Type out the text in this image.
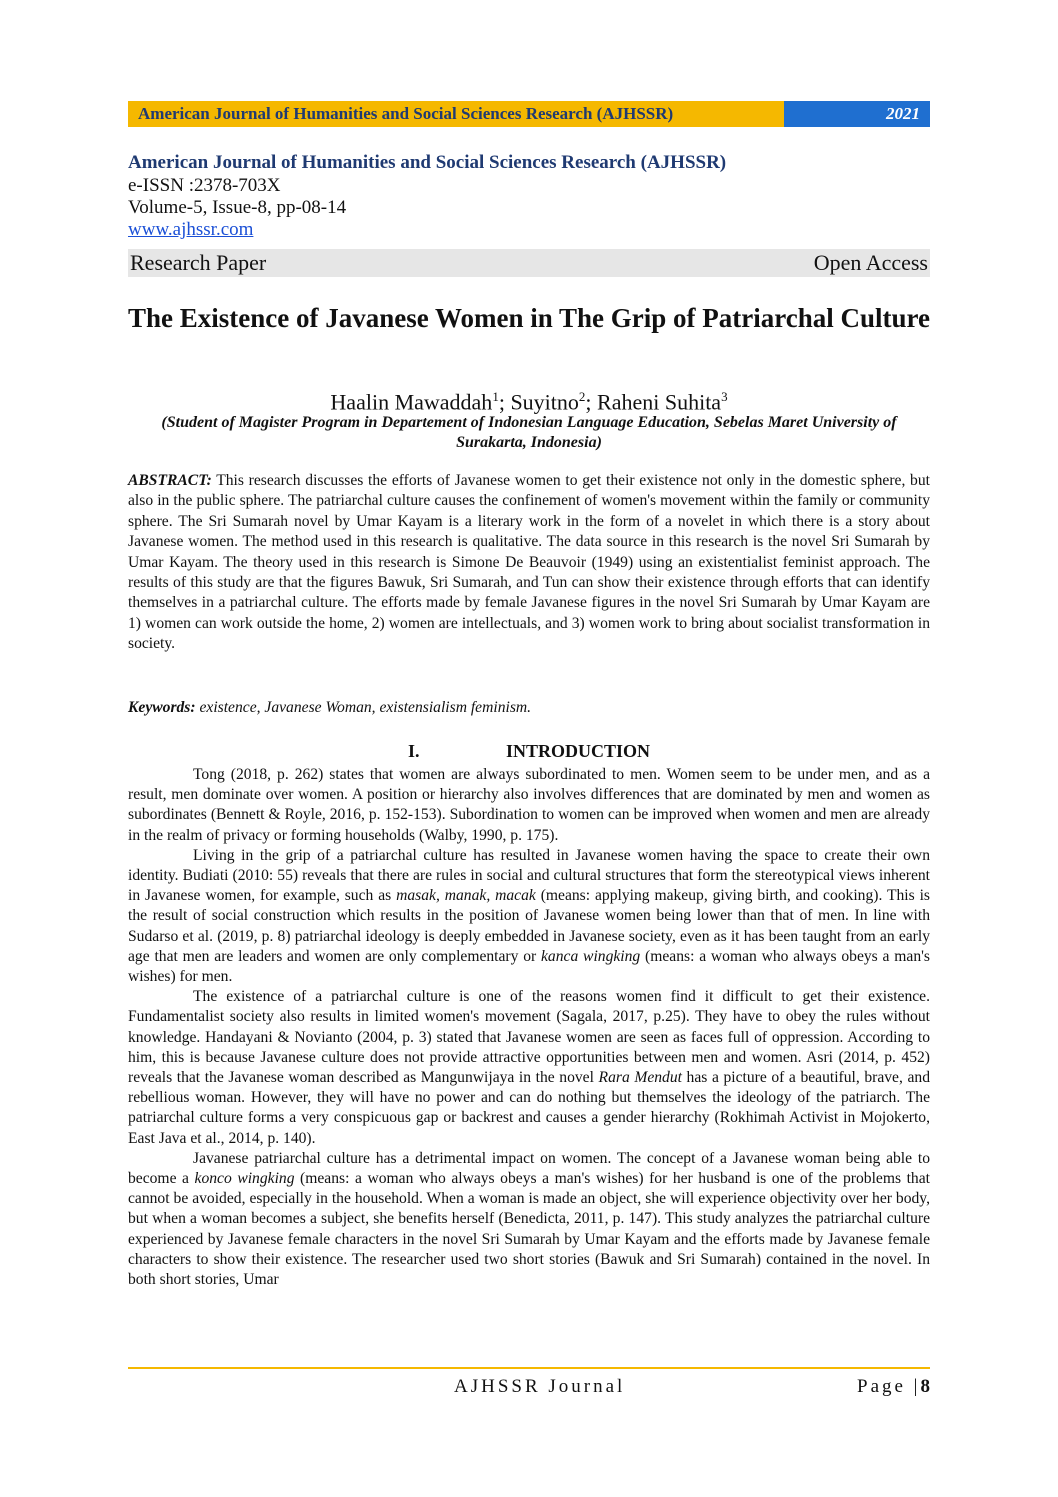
American Journal of Humanities and Social Sciences Research (AJHSSR)	2021
American Journal of Humanities and Social Sciences Research (AJHSSR)
e-ISSN :2378-703X
Volume-5, Issue-8, pp-08-14
www.ajhssr.com
Research Paper	Open Access
The Existence of Javanese Women in The Grip of Patriarchal Culture
Haalin Mawaddah$^1$; Suyitno$^2$; Raheni Suhita$^3$
(Student of Magister Program in Departement of Indonesian Language Education, Sebelas Maret University of Surakarta, Indonesia)

ABSTRACT: This research discusses the efforts of Javanese women to get their existence not only in the domestic sphere, but also in the public sphere. The patriarchal culture causes the confinement of women's movement within the family or community sphere. The Sri Sumarah novel by Umar Kayam is a literary work in the form of a novelet in which there is a story about Javanese women. The method used in this research is qualitative. The data source in this research is the novel Sri Sumarah by Umar Kayam. The theory used in this research is Simone De Beauvoir (1949) using an existentialist feminist approach. The results of this study are that the figures Bawuk, Sri Sumarah, and Tun can show their existence through efforts that can identify themselves in a patriarchal culture. The efforts made by female Javanese figures in the novel Sri Sumarah by Umar Kayam are 1) women can work outside the home, 2) women are intellectuals, and 3) women work to bring about socialist transformation in society.

Keywords: existence, Javanese Woman, existensialism feminism.

I.	INTRODUCTION

Tong (2018, p. 262) states that women are always subordinated to men. Women seem to be under men, and as a result, men dominate over women. A position or hierarchy also involves differences that are dominated by men and women as subordinates (Bennett & Royle, 2016, p. 152-153). Subordination to women can be improved when women and men are already in the realm of privacy or forming households (Walby, 1990, p. 175).

Living in the grip of a patriarchal culture has resulted in Javanese women having the space to create their own identity. Budiati (2010: 55) reveals that there are rules in social and cultural structures that form the stereotypical views inherent in Javanese women, for example, such as masak, manak, macak (means: applying makeup, giving birth, and cooking). This is the result of social construction which results in the position of Javanese women being lower than that of men. In line with Sudarso et al. (2019, p. 8) patriarchal ideology is deeply embedded in Javanese society, even as it has been taught from an early age that men are leaders and women are only complementary or kanca wingking (means: a woman who always obeys a man's wishes) for men.

The existence of a patriarchal culture is one of the reasons women find it difficult to get their existence. Fundamentalist society also results in limited women's movement (Sagala, 2017, p.25). They have to obey the rules without knowledge. Handayani & Novianto (2004, p. 3) stated that Javanese women are seen as faces full of oppression. According to him, this is because Javanese culture does not provide attractive opportunities between men and women. Asri (2014, p. 452) reveals that the Javanese woman described as Mangunwijaya in the novel Rara Mendut has a picture of a beautiful, brave, and rebellious woman. However, they will have no power and can do nothing but themselves the ideology of the patriarch. The patriarchal culture forms a very conspicuous gap or backrest and causes a gender hierarchy (Rokhimah Activist in Mojokerto, East Java et al., 2014, p. 140).

Javanese patriarchal culture has a detrimental impact on women. The concept of a Javanese woman being able to become a konco wingking (means: a woman who always obeys a man's wishes) for her husband is one of the problems that cannot be avoided, especially in the household. When a woman is made an object, she will experience objectivity over her body, but when a woman becomes a subject, she benefits herself (Benedicta, 2011, p. 147). This study analyzes the patriarchal culture experienced by Javanese female characters in the novel Sri Sumarah by Umar Kayam and the efforts made by Javanese female characters to show their existence. The researcher used two short stories (Bawuk and Sri Sumarah) contained in the novel. In both short stories, Umar

AJHSSR Journal	Page |8
